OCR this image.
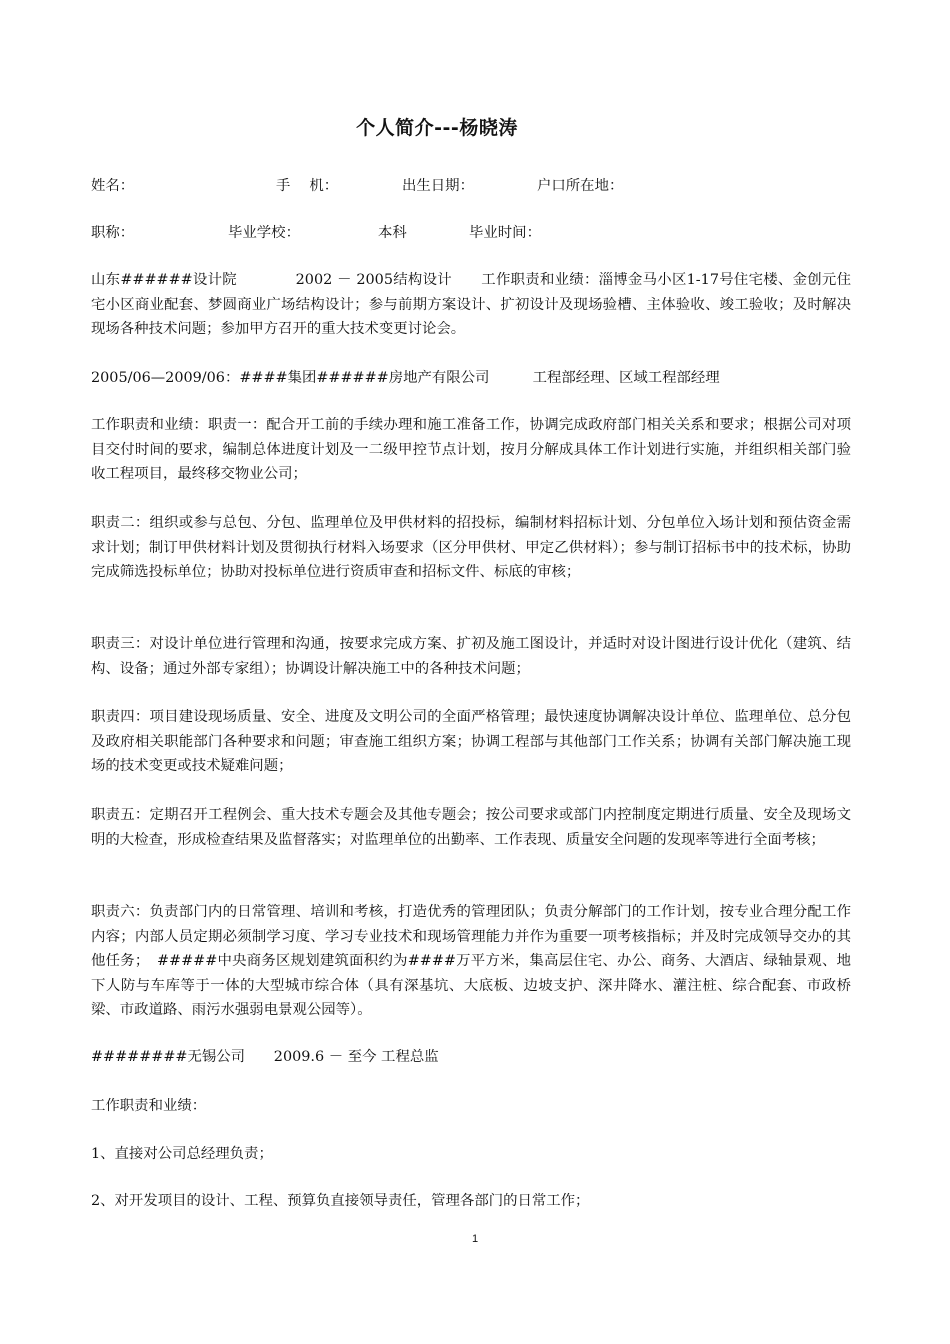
个人简介---杨晓涛
姓名：	手　 机：	出生日期：	户口所在地：
职称：	毕业学校：	本科	毕业时间：
山东######设计院　　　　2002 － 2005结构设计　　工作职责和业绩：淄博金马小区1-17号住宅楼、金创元住宅小区商业配套、梦圆商业广场结构设计；参与前期方案设计、扩初设计及现场验槽、主体验收、竣工验收；及时解决现场各种技术问题；参加甲方召开的重大技术变更讨论会。
2005/06—2009/06：####集团######房地产有限公司　　　工程部经理、区域工程部经理
工作职责和业绩：职责一：配合开工前的手续办理和施工准备工作，协调完成政府部门相关关系和要求；根据公司对项目交付时间的要求，编制总体进度计划及一二级甲控节点计划，按月分解成具体工作计划进行实施，并组织相关部门验收工程项目，最终移交物业公司；
职责二：组织或参与总包、分包、监理单位及甲供材料的招投标，编制材料招标计划、分包单位入场计划和预估资金需求计划；制订甲供材料计划及贯彻执行材料入场要求（区分甲供材、甲定乙供材料）；参与制订招标书中的技术标，协助完成筛选投标单位；协助对投标单位进行资质审查和招标文件、标底的审核；
职责三：对设计单位进行管理和沟通，按要求完成方案、扩初及施工图设计，并适时对设计图进行设计优化（建筑、结构、设备；通过外部专家组）；协调设计解决施工中的各种技术问题；
职责四：项目建设现场质量、安全、进度及文明公司的全面严格管理；最快速度协调解决设计单位、监理单位、总分包及政府相关职能部门各种要求和问题；审查施工组织方案；协调工程部与其他部门工作关系；协调有关部门解决施工现场的技术变更或技术疑难问题；
职责五：定期召开工程例会、重大技术专题会及其他专题会；按公司要求或部门内控制度定期进行质量、安全及现场文明的大检查，形成检查结果及监督落实；对监理单位的出勤率、工作表现、质量安全问题的发现率等进行全面考核；
职责六：负责部门内的日常管理、培训和考核，打造优秀的管理团队；负责分解部门的工作计划，按专业合理分配工作内容；内部人员定期必须制学习度、学习专业技术和现场管理能力并作为重要一项考核指标；并及时完成领导交办的其他任务；　#####中央商务区规划建筑面积约为####万平方米，集高层住宅、办公、商务、大酒店、绿轴景观、地下人防与车库等于一体的大型城市综合体（具有深基坑、大底板、边坡支护、深井降水、灌注桩、综合配套、市政桥梁、市政道路、雨污水强弱电景观公园等）。
########无锡公司　　2009.6 － 至今 工程总监
工作职责和业绩：
1、直接对公司总经理负责；
2、对开发项目的设计、工程、预算负直接领导责任，管理各部门的日常工作；
1
